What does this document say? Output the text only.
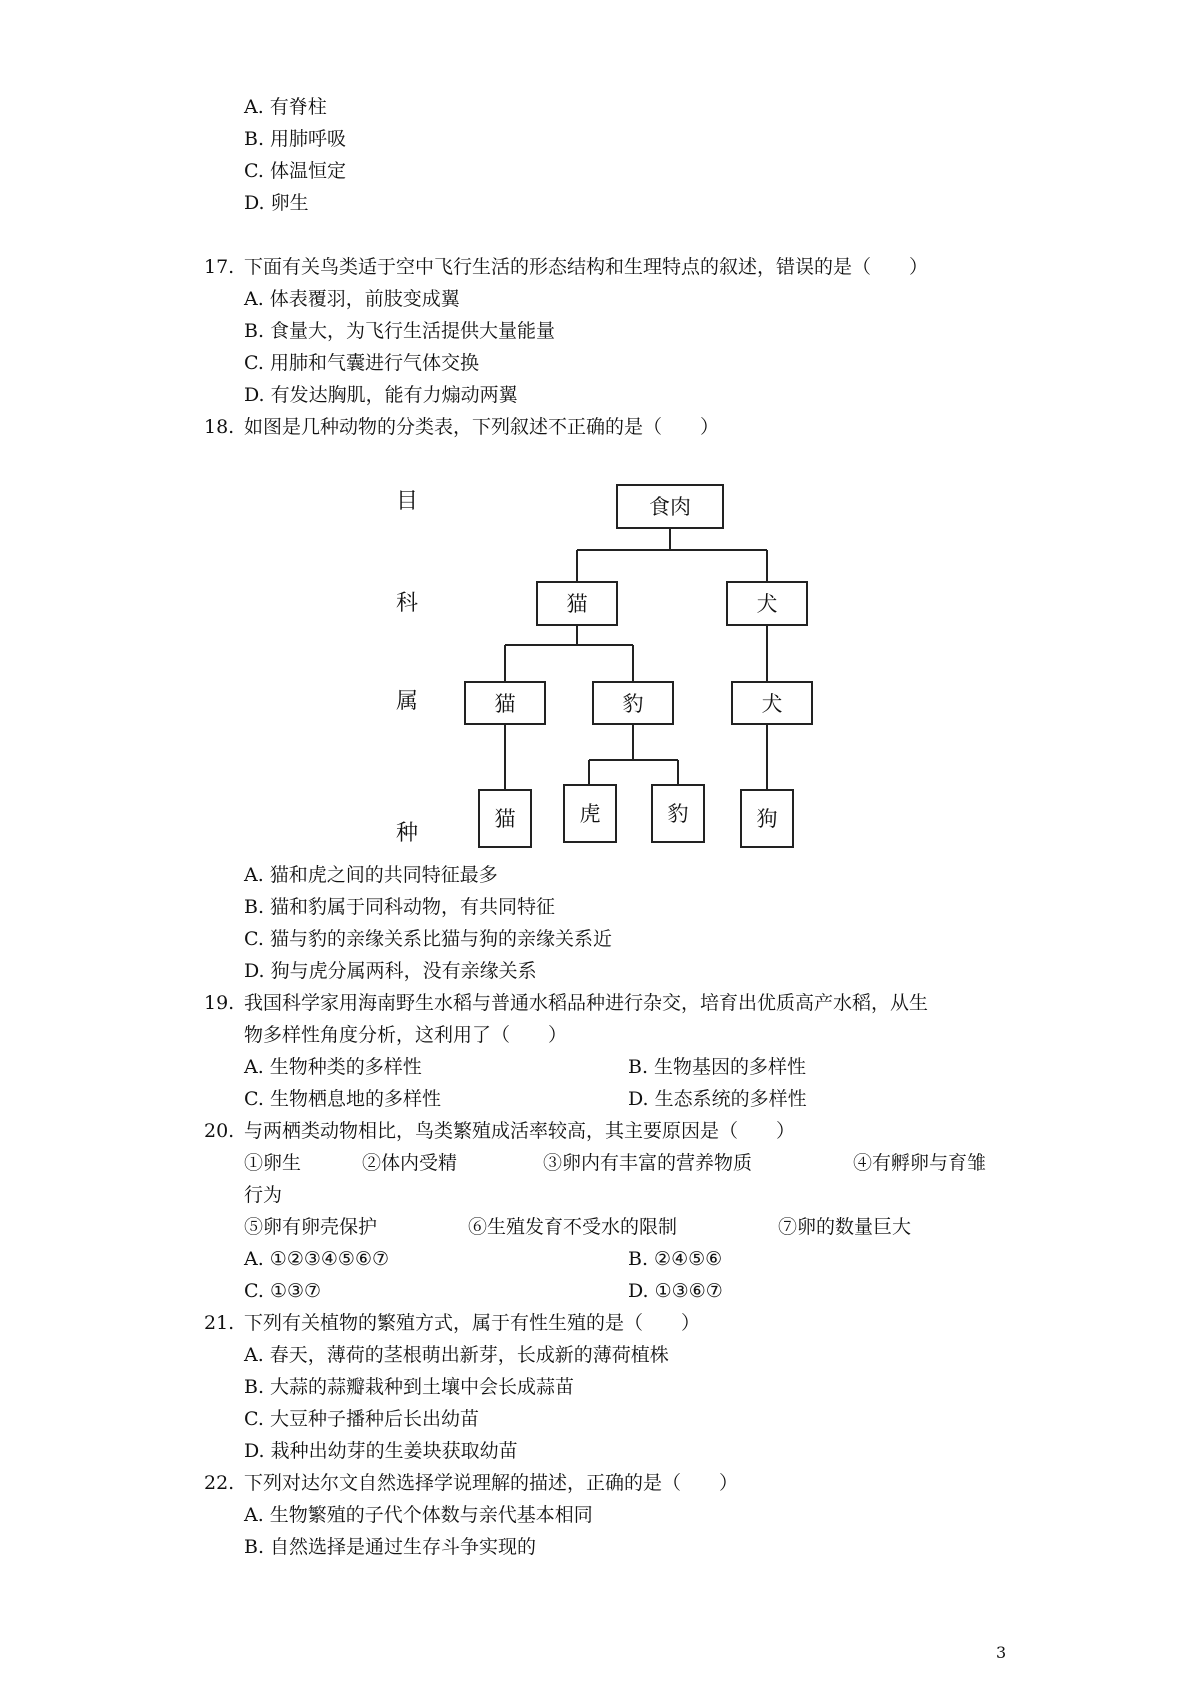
A. 有脊柱
B. 用肺呼吸
C. 体温恒定
D. 卵生
17. 下面有关鸟类适于空中飞行生活的形态结构和生理特点的叙述，错误的是（　　）
A. 体表覆羽，前肢变成翼
B. 食量大，为飞行生活提供大量能量
C. 用肺和气囊进行气体交换
D. 有发达胸肌，能有力煽动两翼
18. 如图是几种动物的分类表，下列叙述不正确的是（　　）
目
科
属
种
食肉
猫	犬
猫	豹	犬
猫	虎	豹	狗
A. 猫和虎之间的共同特征最多
B. 猫和豹属于同科动物，有共同特征
C. 猫与豹的亲缘关系比猫与狗的亲缘关系近
D. 狗与虎分属两科，没有亲缘关系
19. 我国科学家用海南野生水稻与普通水稻品种进行杂交，培育出优质高产水稻，从生
物多样性角度分析，这利用了（　　）
A. 生物种类的多样性	B. 生物基因的多样性
C. 生物栖息地的多样性	D. 生态系统的多样性
20. 与两栖类动物相比，鸟类繁殖成活率较高，其主要原因是（　　）
①卵生	②体内受精	③卵内有丰富的营养物质	④有孵卵与育雏
行为
⑤卵有卵壳保护	⑥生殖发育不受水的限制	⑦卵的数量巨大
A. ①②③④⑤⑥⑦	B. ②④⑤⑥
C. ①③⑦	D. ①③⑥⑦
21. 下列有关植物的繁殖方式，属于有性生殖的是（　　）
A. 春天，薄荷的茎根萌出新芽，长成新的薄荷植株
B. 大蒜的蒜瓣栽种到土壤中会长成蒜苗
C. 大豆种子播种后长出幼苗
D. 栽种出幼芽的生姜块获取幼苗
22. 下列对达尔文自然选择学说理解的描述，正确的是（　　）
A. 生物繁殖的子代个体数与亲代基本相同
B. 自然选择是通过生存斗争实现的
3
